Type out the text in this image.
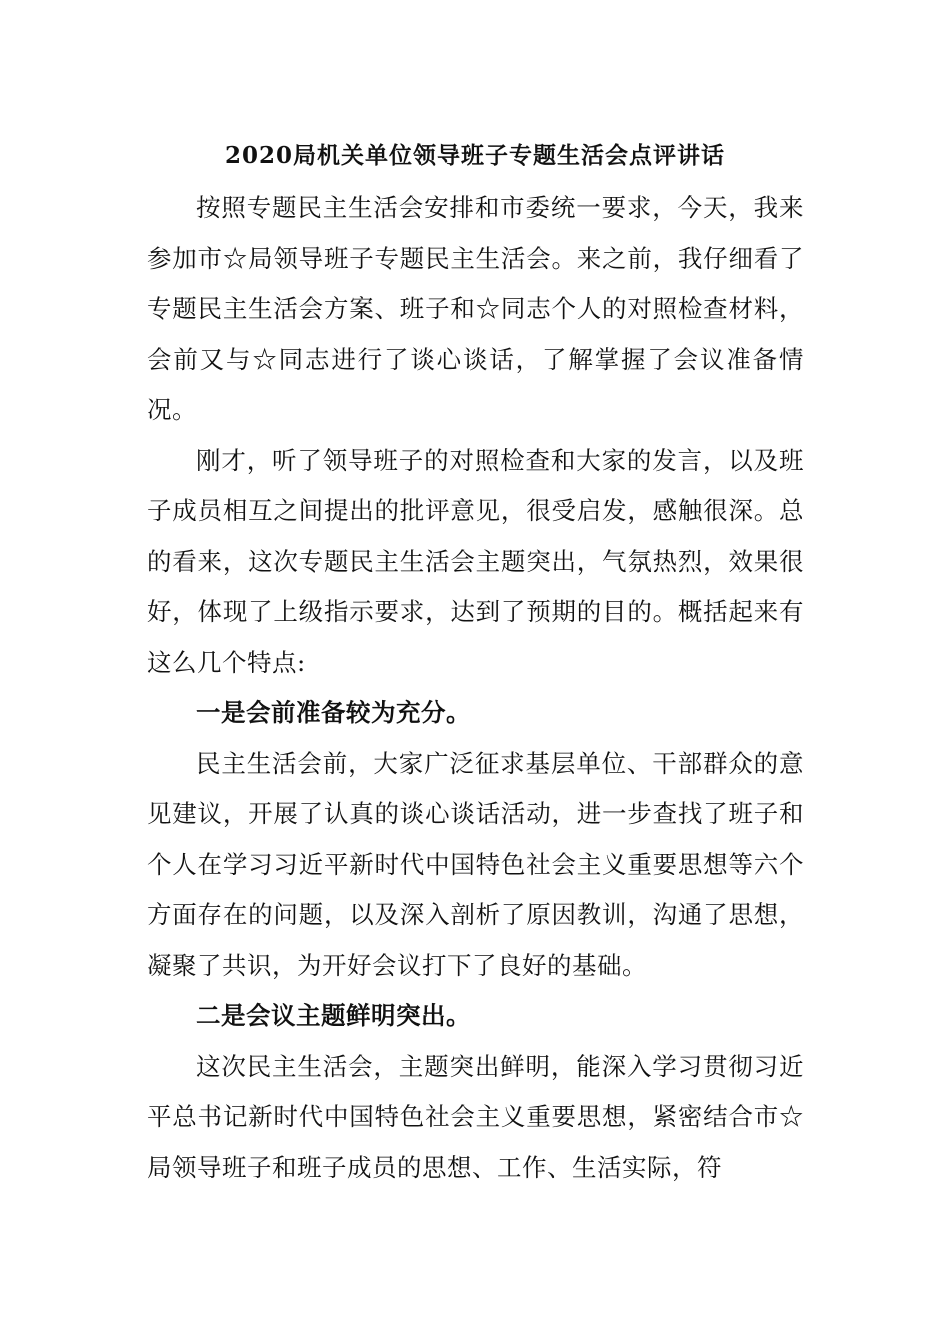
2020局机关单位领导班子专题生活会点评讲话

按照专题民主生活会安排和市委统一要求，今天，我来参加市☆局领导班子专题民主生活会。来之前，我仔细看了专题民主生活会方案、班子和☆同志个人的对照检查材料，会前又与☆同志进行了谈心谈话，了解掌握了会议准备情况。

刚才，听了领导班子的对照检查和大家的发言，以及班子成员相互之间提出的批评意见，很受启发，感触很深。总的看来，这次专题民主生活会主题突出，气氛热烈，效果很好，体现了上级指示要求，达到了预期的目的。概括起来有这么几个特点:

一是会前准备较为充分。

民主生活会前，大家广泛征求基层单位、干部群众的意见建议，开展了认真的谈心谈话活动，进一步查找了班子和个人在学习习近平新时代中国特色社会主义重要思想等六个方面存在的问题，以及深入剖析了原因教训，沟通了思想，凝聚了共识，为开好会议打下了良好的基础。

二是会议主题鲜明突出。

这次民主生活会，主题突出鲜明，能深入学习贯彻习近平总书记新时代中国特色社会主义重要思想，紧密结合市☆局领导班子和班子成员的思想、工作、生活实际，符
